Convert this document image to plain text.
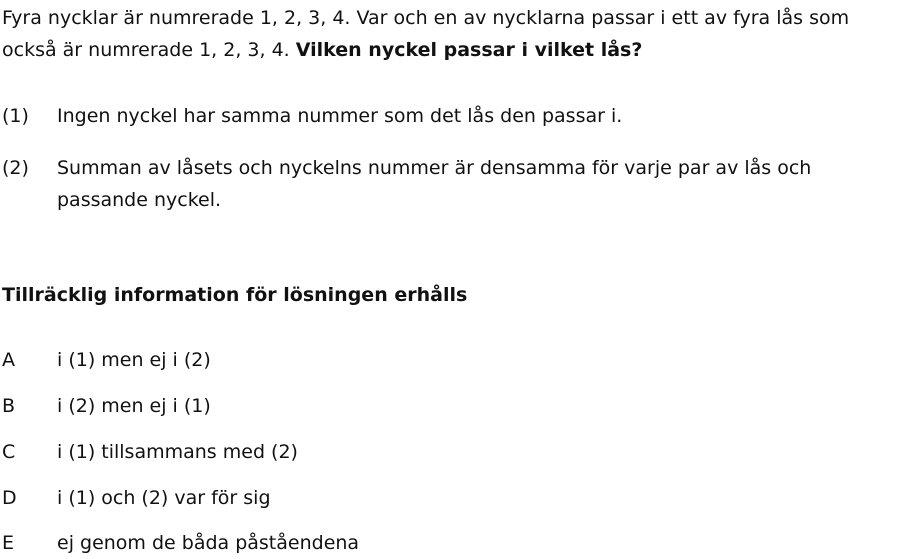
Fyra nycklar är numrerade 1, 2, 3, 4. Var och en av nycklarna passar i ett av fyra lås som också är numrerade 1, 2, 3, 4. Vilken nyckel passar i vilket lås?
(1)	Ingen nyckel har samma nummer som det lås den passar i.
(2)	Summan av låsets och nyckelns nummer är densamma för varje par av lås och passande nyckel.
Tillräcklig information för lösningen erhålls
A	i (1) men ej i (2)
B	i (2) men ej i (1)
C	i (1) tillsammans med (2)
D	i (1) och (2) var för sig
E	ej genom de båda påståendena
